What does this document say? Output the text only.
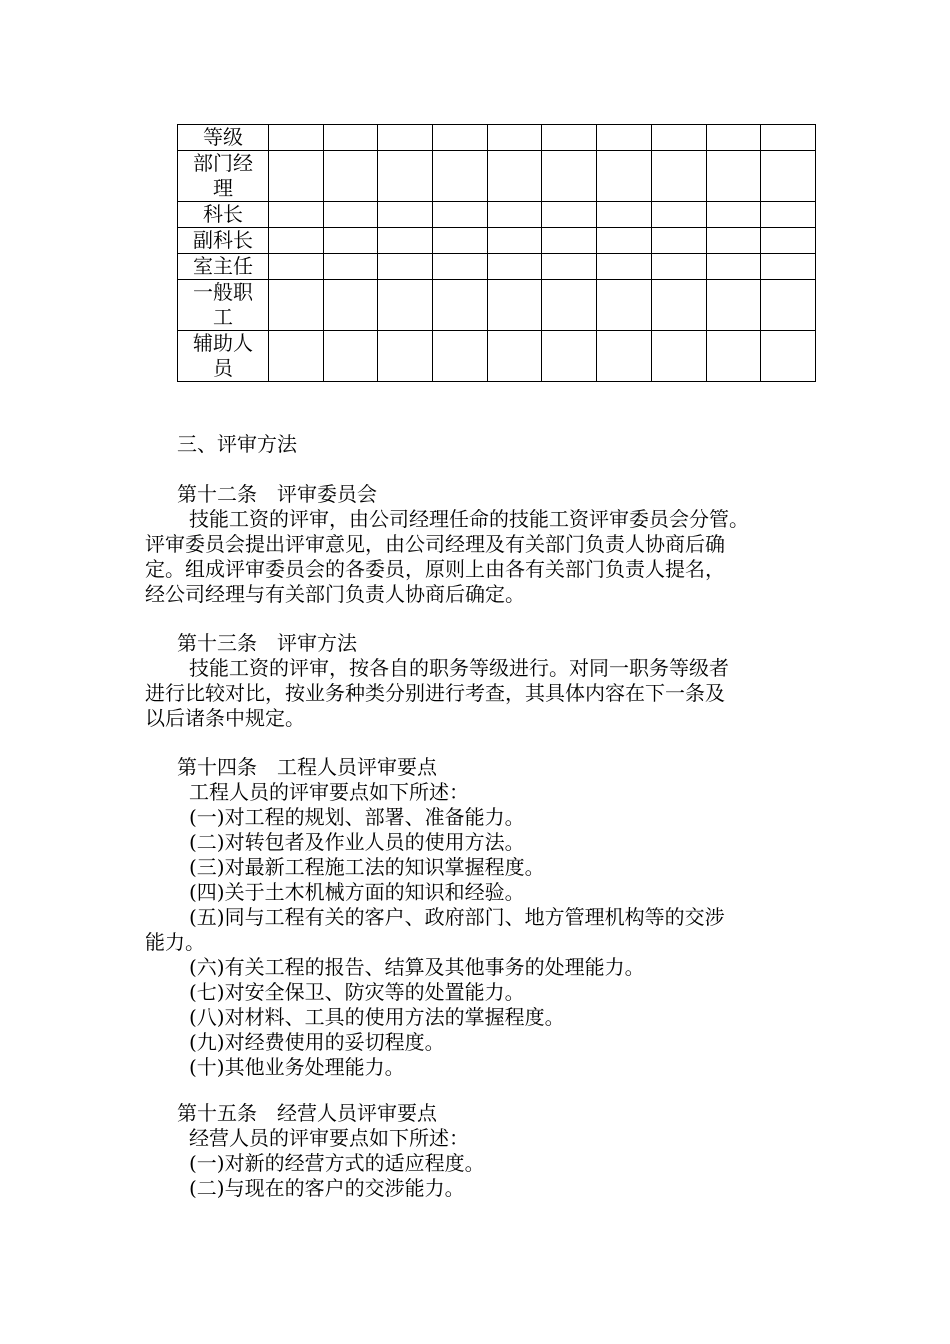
等级										

部门经
理										

科长										

副科长										

室主任										

一般职
工										

辅助人
员										

三、评审方法
第十二条　评审委员会
技能工资的评审，由公司经理任命的技能工资评审委员会分管。
评审委员会提出评审意见，由公司经理及有关部门负责人协商后确
定。组成评审委员会的各委员，原则上由各有关部门负责人提名，
经公司经理与有关部门负责人协商后确定。
第十三条　评审方法
技能工资的评审，按各自的职务等级进行。对同一职务等级者
进行比较对比，按业务种类分别进行考查，其具体内容在下一条及
以后诸条中规定。
第十四条　工程人员评审要点
工程人员的评审要点如下所述：
(一)对工程的规划、部署、准备能力。
(二)对转包者及作业人员的使用方法。
(三)对最新工程施工法的知识掌握程度。
(四)关于土木机械方面的知识和经验。
(五)同与工程有关的客户、政府部门、地方管理机构等的交涉
能力。
(六)有关工程的报告、结算及其他事务的处理能力。
(七)对安全保卫、防灾等的处置能力。
(八)对材料、工具的使用方法的掌握程度。
(九)对经费使用的妥切程度。
(十)其他业务处理能力。
第十五条　经营人员评审要点
经营人员的评审要点如下所述：
(一)对新的经营方式的适应程度。
(二)与现在的客户的交涉能力。
